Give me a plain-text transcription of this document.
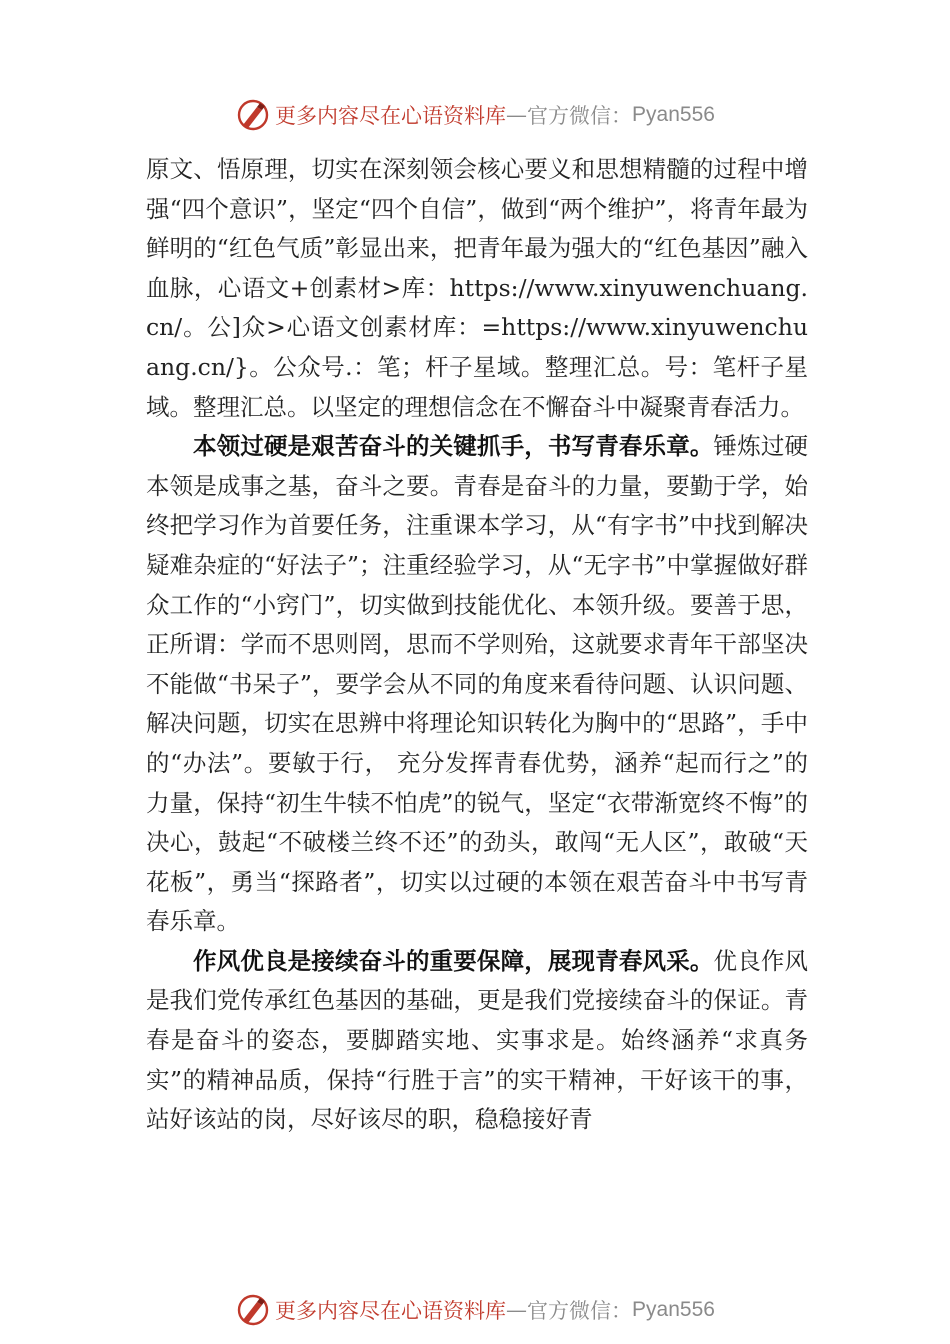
更多内容尽在心语资料库 — 官方微信： Pyan556

原文、悟原理，切实在深刻领会核心要义和思想精髓的过程中增强“四个意识”，坚定“四个自信”，做到“两个维护”，将青年最为鲜明的“红色气质”彰显出来，把青年最为强大的“红色基因”融入血脉，心语文+创素材>库：https://www.xinyuwenchuang.cn/。公]众>心语文创素材库：=https://www.xinyuwenchuang.cn/}。公众号.：笔；杆子星域。整理汇总。号：笔杆子星域。整理汇总。以坚定的理想信念在不懈奋斗中凝聚青春活力。

本领过硬是艰苦奋斗的关键抓手，书写青春乐章。锤炼过硬本领是成事之基，奋斗之要。青春是奋斗的力量，要勤于学，始终把学习作为首要任务，注重课本学习，从“有字书”中找到解决疑难杂症的“好法子”；注重经验学习，从“无字书”中掌握做好群众工作的“小窍门”，切实做到技能优化、本领升级。要善于思，正所谓：学而不思则罔，思而不学则殆，这就要求青年干部坚决不能做“书呆子”，要学会从不同的角度来看待问题、认识问题、解决问题，切实在思辨中将理论知识转化为胸中的“思路”，手中的“办法”。要敏于行， 充分发挥青春优势，涵养“起而行之”的力量，保持“初生牛犊不怕虎”的锐气，坚定“衣带渐宽终不悔”的决心，鼓起“不破楼兰终不还”的劲头，敢闯“无人区”，敢破“天花板”，勇当“探路者”，切实以过硬的本领在艰苦奋斗中书写青春乐章。

作风优良是接续奋斗的重要保障，展现青春风采。优良作风是我们党传承红色基因的基础，更是我们党接续奋斗的保证。青春是奋斗的姿态，要脚踏实地、实事求是。始终涵养“求真务实”的精神品质，保持“行胜于言”的实干精神，干好该干的事，站好该站的岗，尽好该尽的职，稳稳接好青

更多内容尽在心语资料库 — 官方微信： Pyan556
